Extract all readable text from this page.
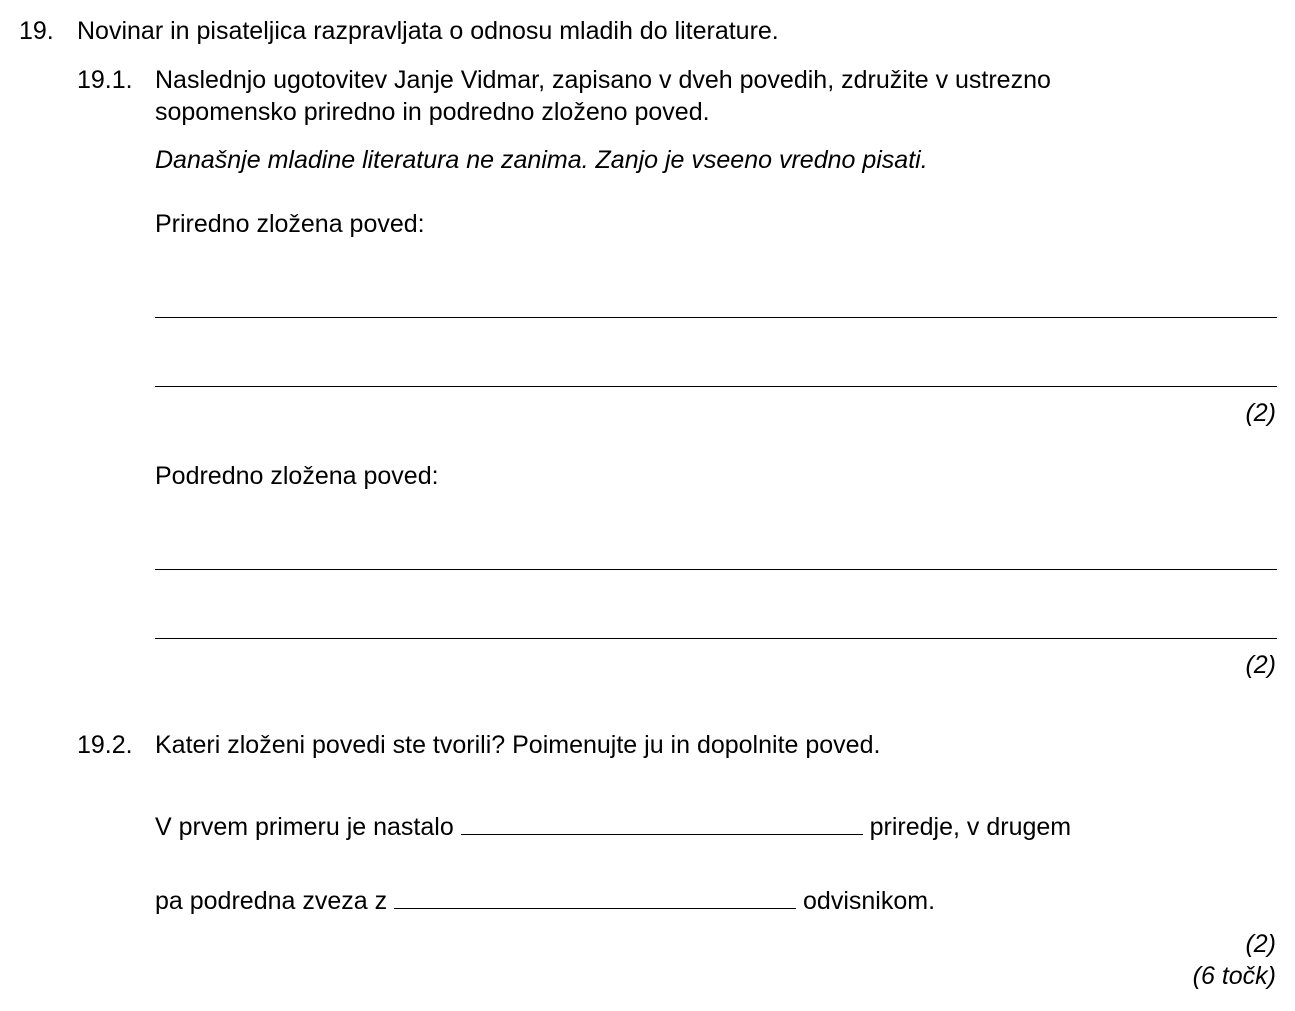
19. Novinar in pisateljica razpravljata o odnosu mladih do literature.
19.1. Naslednjo ugotovitev Janje Vidmar, zapisano v dveh povedih, združite v ustrezno
sopomensko priredno in podredno zloženo poved.
Današnje mladine literatura ne zanima. Zanjo je vseeno vredno pisati.
Priredno zložena poved:
(2)
Podredno zložena poved:
(2)
19.2. Kateri zloženi povedi ste tvorili? Poimenujte ju in dopolnite poved.
V prvem primeru je nastalo	priredje, v drugem
pa podredna zveza z	odvisnikom.
(2)
(6 točk)
